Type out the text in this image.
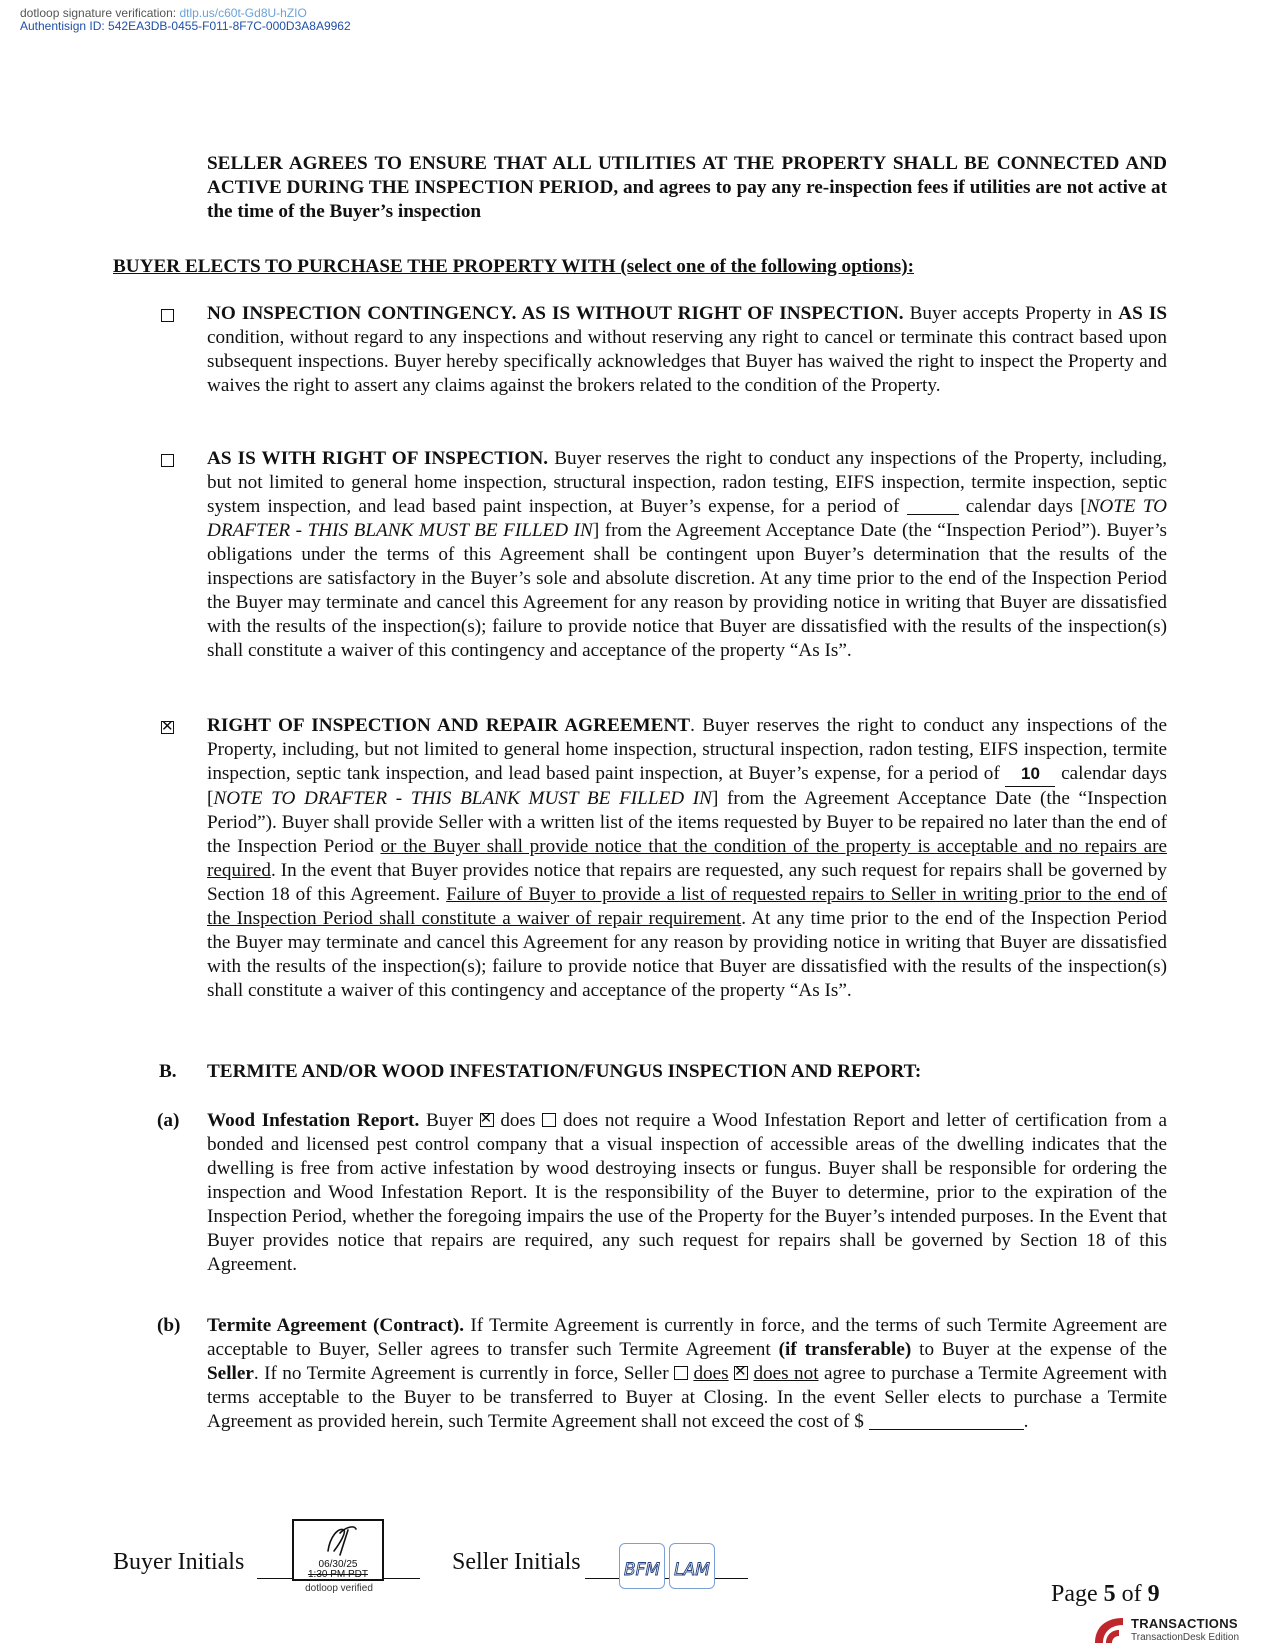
dotloop signature verification: dtlp.us/c60t-Gd8U-hZIO
Authentisign ID: 542EA3DB-0455-F011-8F7C-000D3A8A9962

SELLER AGREES TO ENSURE THAT ALL UTILITIES AT THE PROPERTY SHALL BE CONNECTED AND ACTIVE DURING THE INSPECTION PERIOD, and agrees to pay any re-inspection fees if utilities are not active at the time of the Buyer’s inspection

BUYER ELECTS TO PURCHASE THE PROPERTY WITH (select one of the following options):

NO INSPECTION CONTINGENCY. AS IS WITHOUT RIGHT OF INSPECTION. Buyer accepts Property in AS IS condition, without regard to any inspections and without reserving any right to cancel or terminate this contract based upon subsequent inspections. Buyer hereby specifically acknowledges that Buyer has waived the right to inspect the Property and waives the right to assert any claims against the brokers related to the condition of the Property.

AS IS WITH RIGHT OF INSPECTION. Buyer reserves the right to conduct any inspections of the Property, including, but not limited to general home inspection, structural inspection, radon testing, EIFS inspection, termite inspection, septic system inspection, and lead based paint inspection, at Buyer’s expense, for a period of	calendar days [NOTE TO DRAFTER - THIS BLANK MUST BE FILLED IN] from the Agreement Acceptance Date (the “Inspection Period”). Buyer’s obligations under the terms of this Agreement shall be contingent upon Buyer’s determination that the results of the inspections are satisfactory in the Buyer’s sole and absolute discretion. At any time prior to the end of the Inspection Period the Buyer may terminate and cancel this Agreement for any reason by providing notice in writing that Buyer are dissatisfied with the results of the inspection(s); failure to provide notice that Buyer are dissatisfied with the results of the inspection(s) shall constitute a waiver of this contingency and acceptance of the property “As Is”.

✕ RIGHT OF INSPECTION AND REPAIR AGREEMENT. Buyer reserves the right to conduct any inspections of the Property, including, but not limited to general home inspection, structural inspection, radon testing, EIFS inspection, termite inspection, septic tank inspection, and lead based paint inspection, at Buyer’s expense, for a period of 10 calendar days [NOTE TO DRAFTER - THIS BLANK MUST BE FILLED IN] from the Agreement Acceptance Date (the “Inspection Period”). Buyer shall provide Seller with a written list of the items requested by Buyer to be repaired no later than the end of the Inspection Period or the Buyer shall provide notice that the condition of the property is acceptable and no repairs are required. In the event that Buyer provides notice that repairs are requested, any such request for repairs shall be governed by Section 18 of this Agreement. Failure of Buyer to provide a list of requested repairs to Seller in writing prior to the end of the Inspection Period shall constitute a waiver of repair requirement. At any time prior to the end of the Inspection Period the Buyer may terminate and cancel this Agreement for any reason by providing notice in writing that Buyer are dissatisfied with the results of the inspection(s); failure to provide notice that Buyer are dissatisfied with the results of the inspection(s) shall constitute a waiver of this contingency and acceptance of the property “As Is”.

B. TERMITE AND/OR WOOD INFESTATION/FUNGUS INSPECTION AND REPORT:

(a) Wood Infestation Report. Buyer ✕ does  does not require a Wood Infestation Report and letter of certification from a bonded and licensed pest control company that a visual inspection of accessible areas of the dwelling indicates that the dwelling is free from active infestation by wood destroying insects or fungus. Buyer shall be responsible for ordering the inspection and Wood Infestation Report. It is the responsibility of the Buyer to determine, prior to the expiration of the Inspection Period, whether the foregoing impairs the use of the Property for the Buyer’s intended purposes. In the Event that Buyer provides notice that repairs are required, any such request for repairs shall be governed by Section 18 of this Agreement.

(b) Termite Agreement (Contract). If Termite Agreement is currently in force, and the terms of such Termite Agreement are acceptable to Buyer, Seller agrees to transfer such Termite Agreement (if transferable) to Buyer at the expense of the Seller. If no Termite Agreement is currently in force, Seller  does ✕ does not agree to purchase a Termite Agreement with terms acceptable to the Buyer to be transferred to Buyer at Closing. In the event Seller elects to purchase a Termite Agreement as provided herein, such Termite Agreement shall not exceed the cost of $	.

Buyer Initials	06/30/25
1:30 PM PDT
dotloop verified
Seller Initials	BFM LAM
Page 5 of 9
TRANSACTIONS
TransactionDesk Edition
